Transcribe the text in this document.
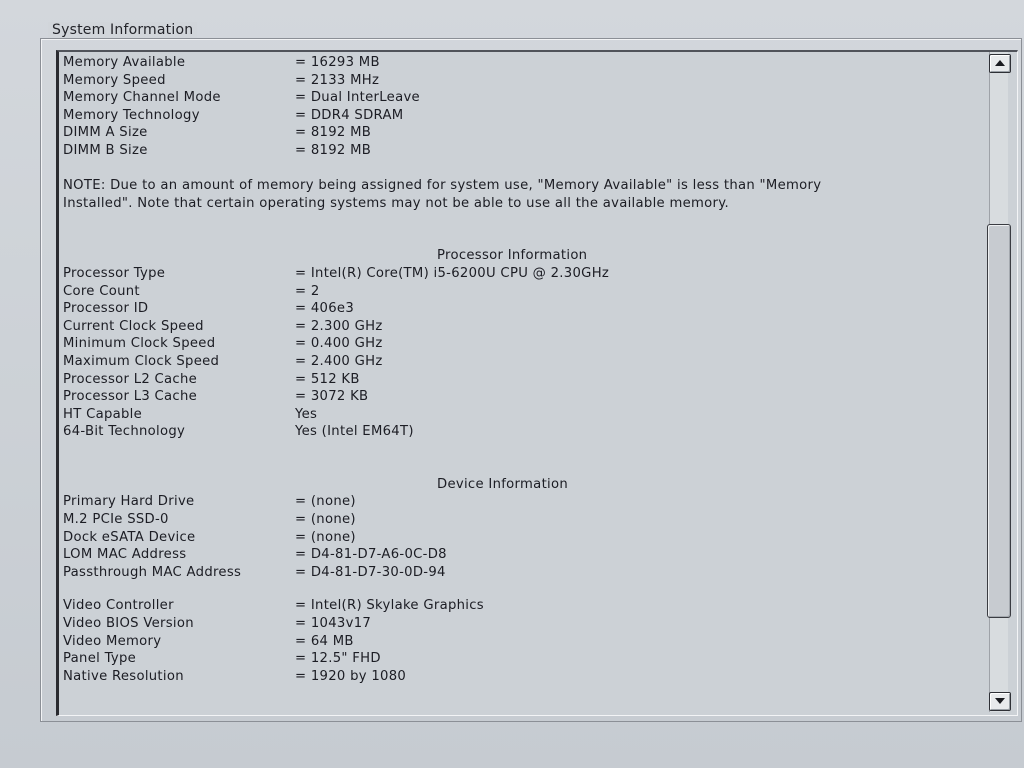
System Information
Memory Available	= 16293 MB
Memory Speed	= 2133 MHz
Memory Channel Mode	= Dual InterLeave
Memory Technology	= DDR4 SDRAM
DIMM A Size	= 8192 MB
DIMM B Size	= 8192 MB
NOTE: Due to an amount of memory being assigned for system use, "Memory Available" is less than "Memory Installed". Note that certain operating systems may not be able to use all the available memory.
Processor Information
Processor Type	= Intel(R) Core(TM) i5-6200U CPU @ 2.30GHz
Core Count	= 2
Processor ID	= 406e3
Current Clock Speed	= 2.300 GHz
Minimum Clock Speed	= 0.400 GHz
Maximum Clock Speed	= 2.400 GHz
Processor L2 Cache	= 512 KB
Processor L3 Cache	= 3072 KB
HT Capable	Yes
64-Bit Technology	Yes (Intel EM64T)
Device Information
Primary Hard Drive	= (none)
M.2 PCIe SSD-0	= (none)
Dock eSATA Device	= (none)
LOM MAC Address	= D4-81-D7-A6-0C-D8
Passthrough MAC Address	= D4-81-D7-30-0D-94
Video Controller	= Intel(R) Skylake Graphics
Video BIOS Version	= 1043v17
Video Memory	= 64 MB
Panel Type	= 12.5" FHD
Native Resolution	= 1920 by 1080
